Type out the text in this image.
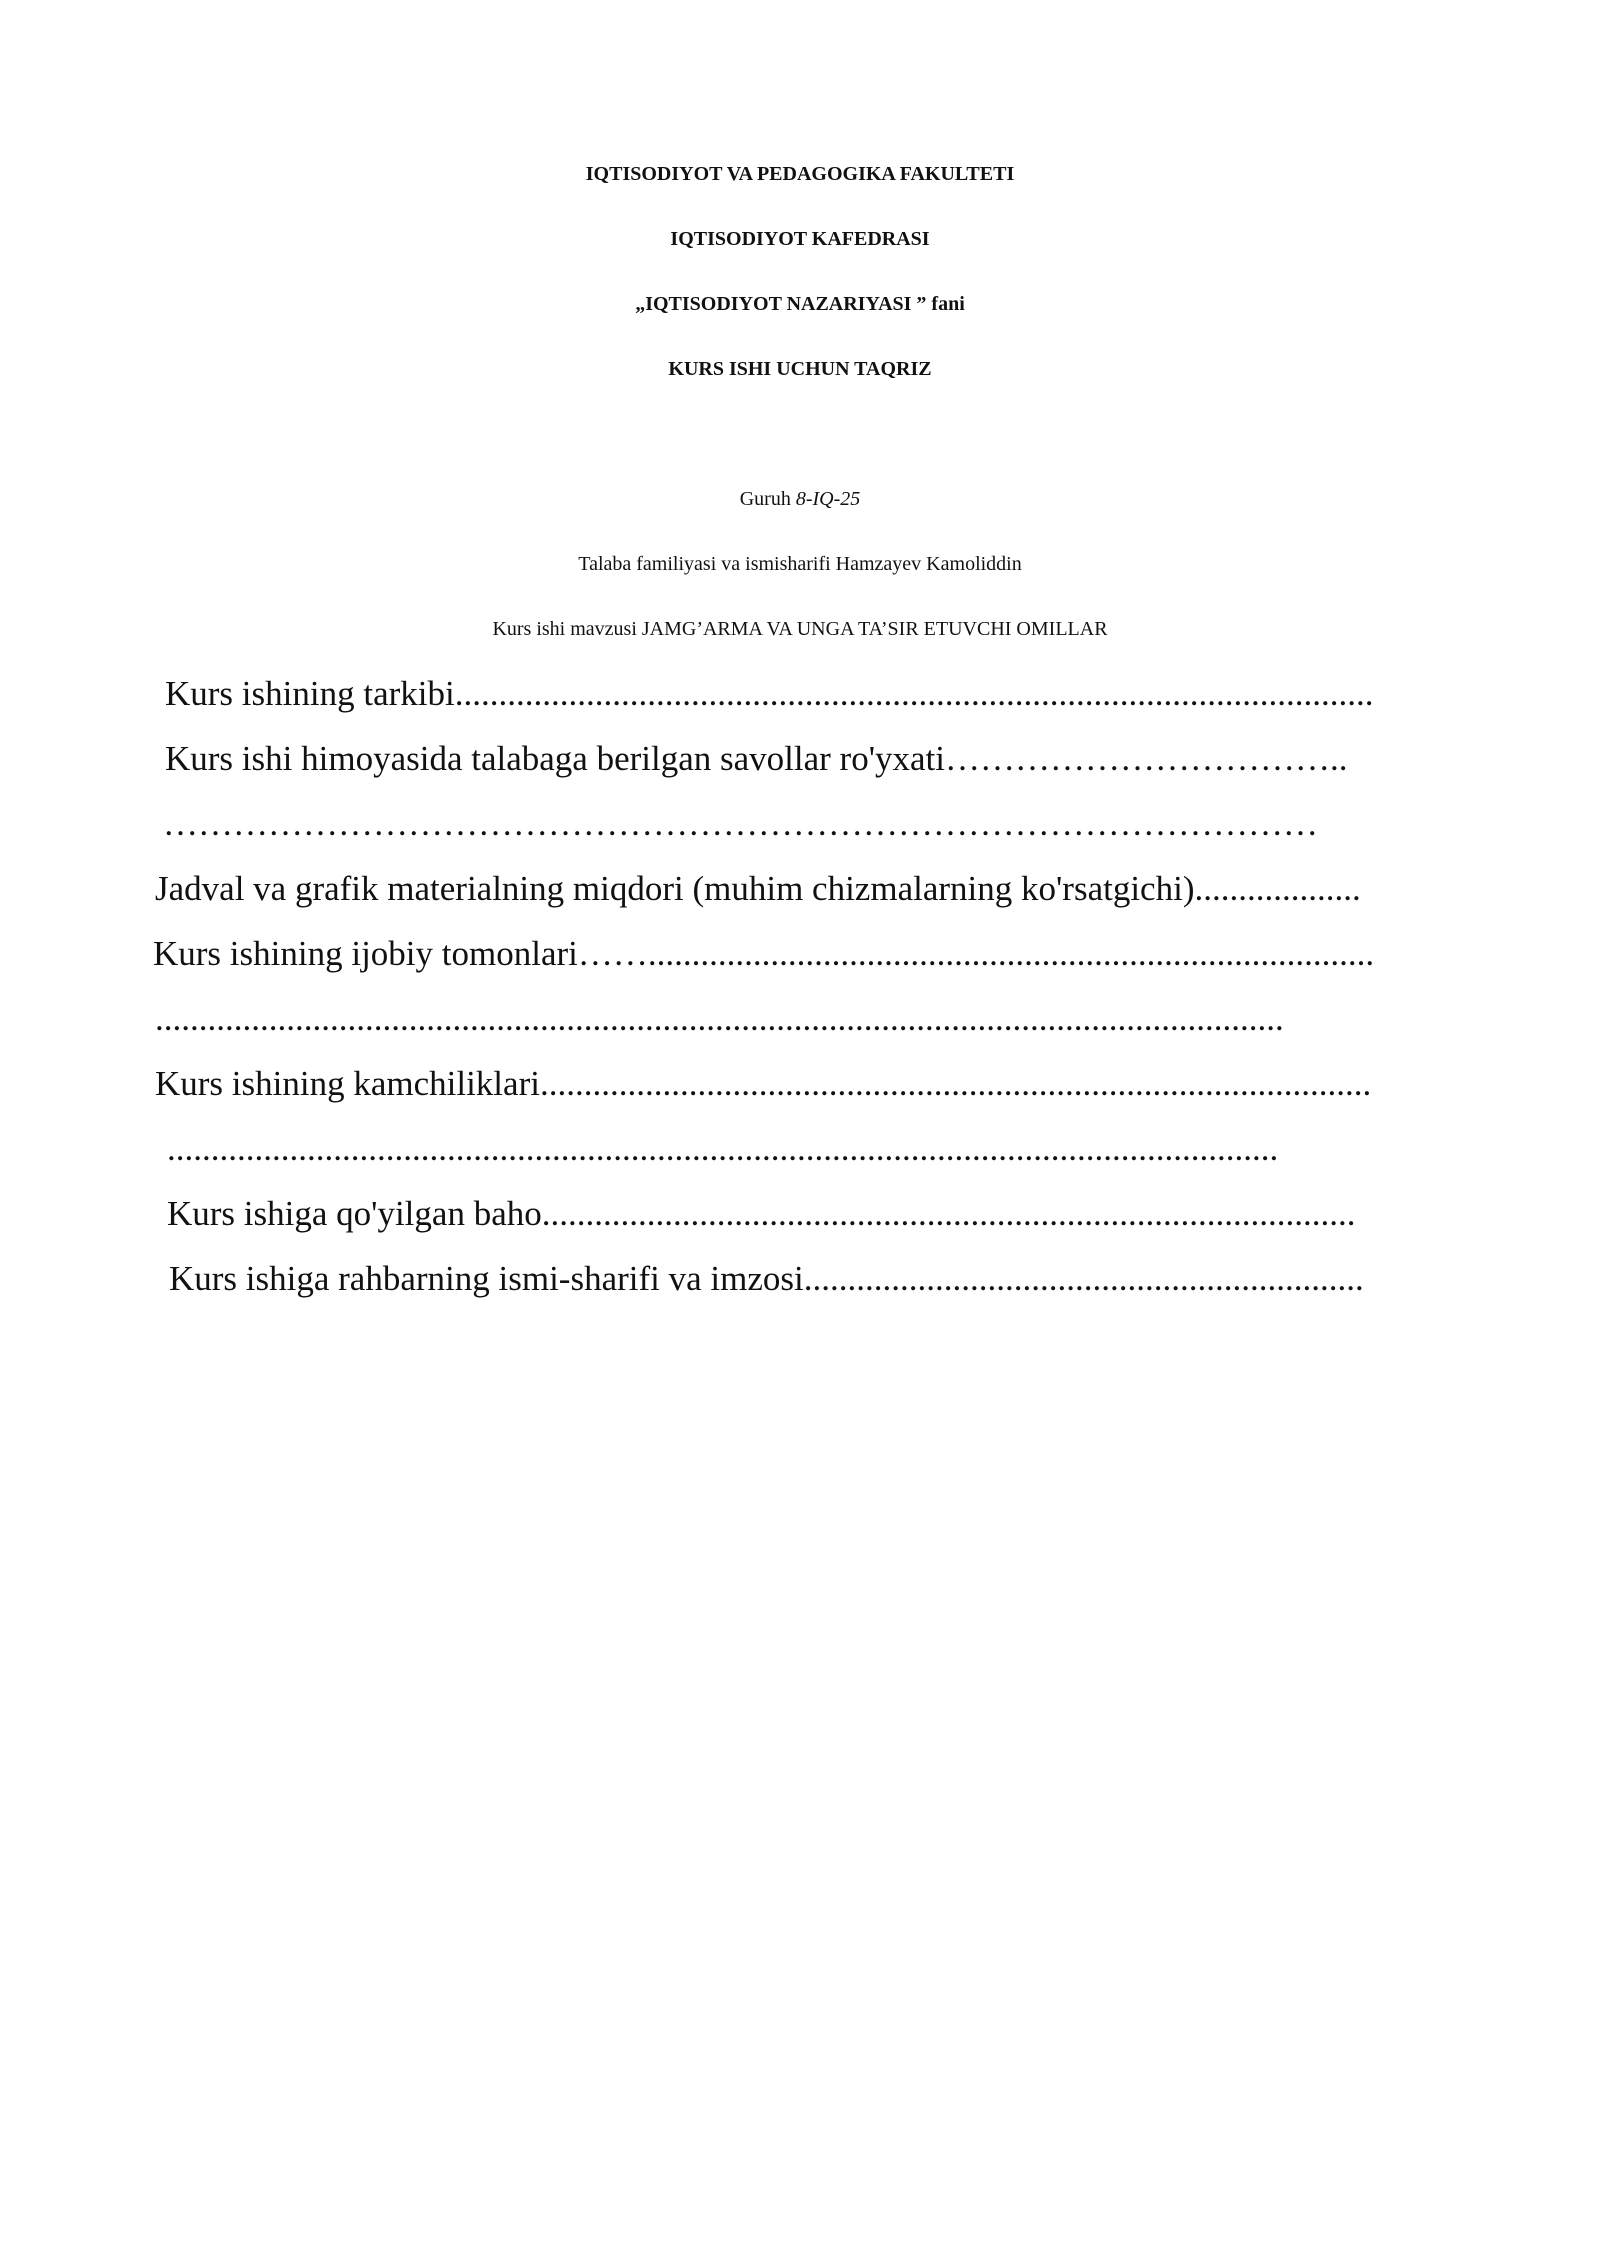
IQTISODIYOT VA PEDAGOGIKA FAKULTETI
IQTISODIYOT KAFEDRASI
„IQTISODIYOT NAZARIYASI ” fani
KURS ISHI UCHUN TAQRIZ
Guruh 8-IQ-25
Talaba familiyasi va ismisharifi Hamzayev Kamoliddin
Kurs ishi mavzusi JAMG’ARMA VA UNGA TA’SIR ETUVCHI OMILLAR
Kurs ishining tarkibi.........................................................................................................
Kurs ishi himoyasida talabaga berilgan savollar ro'yxati……………………………..
………………………………………………………………………………………
Jadval va grafik materialning miqdori (muhim chizmalarning ko'rsatgichi)...................
Kurs ishining ijobiy tomonlari……...................................................................................
.................................................................................................................................
Kurs ishining kamchiliklari...............................................................................................
...............................................................................................................................
Kurs ishiga qo'yilgan baho.............................................................................................
Kurs ishiga rahbarning ismi-sharifi va imzosi................................................................
